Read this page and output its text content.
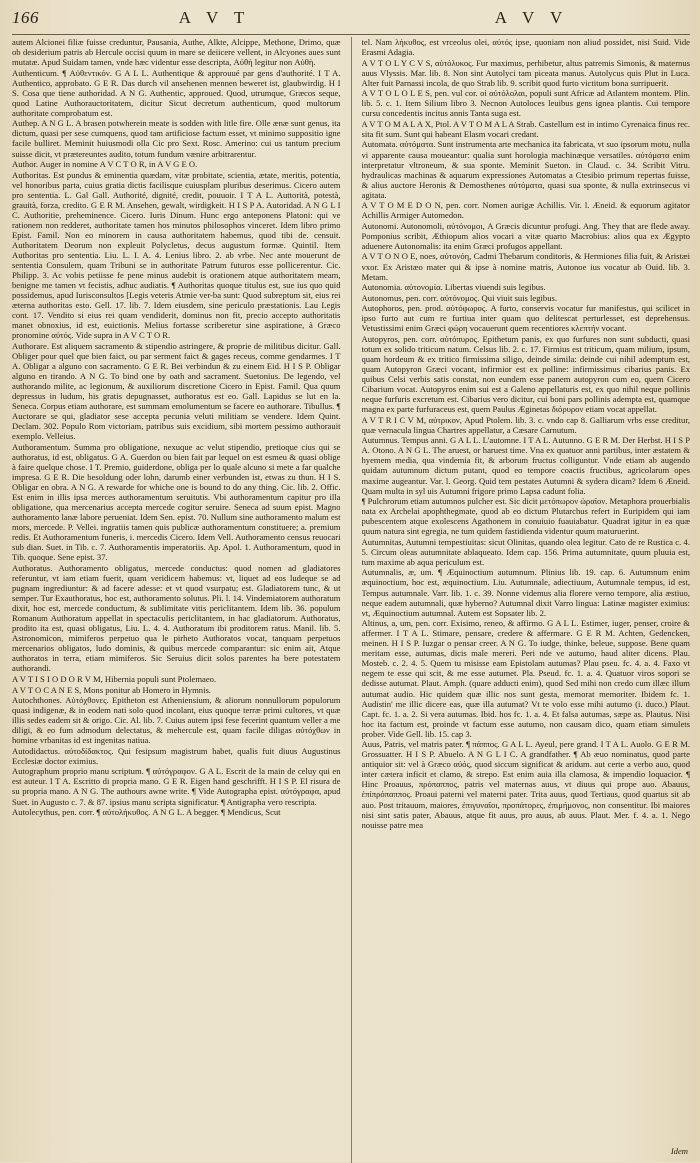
166	A V T	A V V

autem Alcionei filiæ fuisse creduntur, Pausania, Authe, Alkte, Alcippe, Methone, Drimo, quæ ob desiderium patris ab Hercule occisi quum in mare se deiicere vellent, in Alcyones aues sunt mutatæ. Apud Suidam tamen, vnde hæc videntur esse descripta, Αὐθὴ legitur non Αὐθὴ.

Authenticum. ¶ Αὐθεντικόν. G A L L. Authentique & approuué par gens d'authorité. I T A. Authentico, approbato. G E R. Das durch vil ansehenen mennen beweret ist, glaubwirdig. H I S. Cosa que tiene authoridad. A N G. Authentic, approued. Quod, utrumque, Græcos seque, quod Latine Authorauctoritatem, dicitur Sicut decretum authenticum, quod multorum authoritate comprobatum est.

Authep. A N G L. A brasen potwherein meate is sodden with litle fire. Olle ænæ sunt genus, ita dictum, quasi per sese cumquens, quod tam artificiose factum esset, vt minimo suppositio igne facile bulliret. Meminit huiusmodi olla Cic pro Sext. Rosc. Amerino: cui us tantum precium suisse dicit, vt prætereuntes audito, totum fundum vænire arbitrarentur.

Author. Auger in nomine A V C T O R, in A V G E O.

Authoritas. Est pundus & eminentia quædam, vitæ probitate, scientia, ætate, meritis, potentia, vel honoribus parta, cuius gratia dictis facilisque cuiusplam pluribus deserimus. Cicero autem pro sententia. L. Gal Gall. Authorité, dignité, credit, pouuoir. I T A L. Auttorità, potestà, grauità, forza, credito. G E R M. Ansehen, gewalt, wirdigkeit. H I S P A. Autoridad. A N G L I C. Authoritie, preheminence. Cicero. Iuris Dinum. Hunc ergo anteponens Platoni: qui ve rationem non redderet, authoritate tamen hos minutos philosophos vinceret. Idem libro primo Epist. Famil. Non eo minorem in causa authoritatem habemus, quod tibi de. censuit. Authoritatem Deorum non expleuit Polycletus, decus augustum formæ. Quintil. Item Authoritas pro sententia. Liu. L. I. A. 4. Lenius libro. 2. ab vrbe. Nec ante mouerunt de sententia Consulem, quam Tribuni se in authoritate Patrum futuros esse pollicerentur. Cic. Philipp. 3. Ac vobis petiisse fe pene minus audebit is orationem atque authoritatem meam, benigne me tamen vt fecistis, adhuc audiatis. ¶ Authoritas quoque titulus est, sue ius quo quid possidemus, apud Iurisconsultos [Legis veteris Atmie ver-ba sunt: Quod subreptum sit, eius rei æterna authoritas esto. Gell. 17. lib. 7. Idem eiusdem, sine periculo præstationis. Lau Legis cont. 17. Vendito si eius rei quam vendiderit, dominus non fit, precio accepto authoritatis manet obnoxius, id est, euictionis. Melius fortasse scriberetur sine aspiratione, à Græco pronomine αὐτός. Vide supra in A V C T O R.

Authorare. Est aliquem sacramento & stipendio astringere, & proprie de militibus dicitur. Gall. Obliger pour quel que bien faict, ou par serment faict & gages receus, comme gendarmes. I T A. Obligar a alguno con sacramento. G E R. Bei verbindun & zu einem Eid. H I S P. Obligar alguno en tirando. A N G. To bind one by oath and sacrament. Suetonius. De legendo, vel authorando milite, ac legionum, & auxiliorum discretione Cicero in Epist. Famil. Qua quum depressus in ludum, his gratis depugnasset, authoratus est eo. Gall. Lapidus se lut en la. Seneca. Corpus etiam authorare, est summam emolumentum se facere eo authorare. Tibullus. ¶ Auctorare se qui, gladiator sese accepta pecunia veluti militiam se vendere. Idem Quint. Declam. 302. Populo Rom victoriam, patribus suis excidium, sibi mortem pessimo authorauit exemplo. Velleius.

Authoramentum. Summa pro obligatione, nexuque ac velut stipendio, pretioque cius qui se authoratus, id est, obligatus. G A. Guerdon ou bien fait par lequel on est esmeu & quasi oblige à faire quelque chose. I T. Premio, guiderdone, obliga per lo quale alcuno si mete a far qualche impresa. G E R. Die besoldung oder lohn, darumb einer verbunden ist, etwas zu thun. H I S. Obligar en obra. A N G. A rewarde for whiche one is bound to do any thing. Cic. lib. 2. Offic. Est enim in illis ipsa merces authoramentum seruitutis. Vbi authoramentum capitur pro illa obligatione, qua mercenarius accepta mercede cogitur seruire. Seneca ad suum epist. Magno authoramento lanæ labore perueniat. Idem Sen. epist. 70. Nullum sine authoramento malum est mors, mercede. P. Vellei. ingratiis tamen quis publicæ authoramentum constituere; a. premium redis. Et Authoramentum funeris, i. mercedis Cicero. Idem Vell. Authoramento census reuocari sub dian. Suet. in Tib. c. 7. Authoramentis imperatoriis. Ap. Apol. 1. Authoramentum, quod in Tib. quoque. Sene epist. 37.

Authoratus. Authoramento obligatus, mercede conductus: quod nomen ad gladiatores referuntur, vt iam etiam fuerit, quam veridicem habemus: vt, liquet ad eos ludeque se ad pugnam ingrediuntur: & ad facere adesse: et vt quod vsurpatu; est. Gladiatorem tunc, & ut semper. Tur Exauthoratus, hoc est, authoramento solutus. Pli. l. 14. Vindemiatorem authoratum dixit, hoc est, mercede conductum, & sublimitate vitis periclitantem. Idem lib. 36. populum Romanum Authoratum appellat in spectaculis periclitantem, in hac gladiatorum. Authoratus, prodito ita est, quasi obligatus, Liu. L. 4. 4. Authoratum ibi proditorem ratus. Manil. lib. 5. Astronomicon, mimiferos perpetuo qua le pirheto Authoratos vocat, tanquam perpetuos mercenarios obligatos, ludo dominis, & quibus mercede comparantur: sic enim ait, Atque authoratos in terra, etiam mimiferos. Sic Seruius dicit solos parentes ha bere potestatem authorandi.

A V T I S I O D O R V M, Hibernia populi sunt Ptolemaeo.

A V T O C A N E S, Mons ponitur ab Homero in Hymnis.

Autochthones. Αὐτόχθονες. Epitheton est Atheniensium, & aliorum nonnullorum populorum quasi indigenæ, & in eodem nati solo quod incolant, eius quoque terræ primi cultores, vt quæ illis sedes eadem sit & origo. Cic. Al. lib. 7. Cuius autem ipsi fese fecerint quantum veller a me diligi, & eo fum admodum delectatus, & mehercule est, quam facile diligas αὐτόχθων in homine vrbanitas id est ingenitas natiua.

Autodidactus. αὐτοδίδακτος. Qui fesipsum magistrum habet, qualis fuit diuus Augustinus Ecclesiæ doctor eximius.

Autographum proprio manu scriptum. ¶ αὐτόγραφον. G A L. Escrit de la main de celuy qui en est auteur. I T A. Escritto di propria mano. G E R. Eigen hand geschrifft. H I S P. El risura de su propria mano. A N G. The authours awne write. ¶ Vide Autographa epist. αὐτόγραφα, apud Suet. in Augusto c. 7. & 87. ipsius manu scripta significatur. ¶ Antigrapha vero rescripta.

Autolecythus, pen. corr. ¶ αὐτολήκυθος. A N G L. A begger. ¶ Mendicus, Scut

tel. Nam λήκυθος, est vrceolus olei, αὐτός ipse, quoniam non aliud possidet, nisi Suid. Vide Erasmi Adagia.

A V T O L Y C V S, αὐτόλυκος. Fur maximus, perhibetur, altus patremis Simonis, & maternus auus Vlyssis. Mar. lib. 8. Non sint Autolyci tam piceata manus. Autolycus quis Plut in Luca. Alter fuit Parnassi incola, de quo Strab lib. 9. scribit quod furto victitum bona surripuerit.

A V T O L O L E S, pen. vul cor. οἱ αὐτόλολαι, populi sunt Africæ ad Atlantem montem. Plin. lib. 5. c. 1. Item Silium libro 3. Necnon Autoloces leuibus gens ignea plantis. Cui tempore cursu concedentis incitus annis Tanta suga est.

A V T O M A L A X, Ptol. A V T O M A L A Strab. Castellum est in intimo Cyrenaica finus rec. sita fit sum. Sunt qui habeant Elasm vocari credant.

Automata. αὐτόματα. Sunt instrumenta arte mechanica ita fabricata, vt suo ipsorum motu, nulla vi apparente causa moueantur: qualia sunt horologia machinæque versatiles. αὐτόματα enim interpretatur vltroneum, & sua sponte. Meminit Sueton. in Claud. c. 34. Scribit Vitru. hydraulicas machinas & aquarum expressiones Automatas a Ctesibio primum repertas fuisse, & alius auctore Heronis & Demosthenes αὐτόματα, quasi sua sponte, & nulla extrinsecus vi agitata.

A V T O M E D O N, pen. corr. Nomen aurigæ Achillis. Vir. l. Æneid. & equorum agitator Achillis Armiger Automedon.

Autonomi. Autonomoli, αὐτόνομοι, A Græcis dicuntur profugi. Ang. They that are flede away. Pomponius scribit, Æthiopum alios vocari a vitæ quarto Macrobius: alios qua ex Ægypto aduenere Autonomalis: ita enim Græci profugos appellant.

A V T O N O E, noes, αὐτονόη, Cadmi Thebarum conditoris, & Hermiones filia fuit, & Aristæi vxor. Ex Aristæo mater qui & ipse à nomine matris, Autonoe ius vocatur ab Ouid. lib. 3. Metam.

Autonomia. αὐτονομία. Libertas viuendi suis legibus.

Autonomus, pen. corr. αὐτόνομος. Qui viuit suis legibus.

Autophoros, pen. prod. αὐτόφωρος. A furto, conservis vocatur fur manifestus, qui scilicet in ipso furto aut cum re furtiua inter quam quo delitescat perturlesset, est deprehensus. Vetustissimi enim Græci φώρη vocauerunt quem recentiores κλεπτήν vocant.

Autopyros, pen. corr. αὐτόπυρος. Epithetum panis, ex quo furfures non sunt subducti, quasi totum ex solido triticum natum. Celsus lib. 2. c. 17. Firmius est triticum, quam milium, ipsum, quam hordeum & ex tritico firmissima siligo, deinde simila: deinde cui nihil ademptum est, quam Autopyron Græci vocant, infirmior est ex polline: infirmissimus cibarius panis. Ex quibus Celsi verbis satis constat, non eundem esse panem autopyron cum eo, quem Cicero Cibarium vocat. Autopyros enim sui est a Galeno appellaturis est, ex quo nihil neque pollinis neque furfuris excretum est. Cibarius vero dicitur, cui boni pars pollinis adempta est, quamque magna ex parte furfuraceus est, quem Paulus Æginetas διόρυρον etiam vocat appellat.

A V T R I C V M, αὐτρικον, Apud Ptolem. lib. 3. c. vndo cap 8. Galliarum vrbs esse creditur, quæ vernacula lingua Chartres appellatur, a Cæsare Carnutum.

Autumnus. Tempus anni. G A L L. L'automne. I T A L. Autunno. G E R M. Der Herbst. H I S P A. Otono. A N G L. The aruest, or haruest time. Vna ex quatuor anni partibus, inter æstatem & hyemem media, qua vindemia fit, & arborum fructus colliguntur. Vnde etiam ab augendo quidam autumnum dictum putant, quod eo tempore coactis fructibus, agricolarum opes maxime augeantur. Var. l. Georg. Quid tem pestates Autumni & sydera dicam? Idem 6 Æneid. Quam multa in syl uis Autumni frigore primo Lapsa cadunt folia.

¶ Pulchrorum etiam autumnos pulcher est. Sic dicit μετόπωρον ὡραῖον. Metaphora prouerbialis nata ex Archelai apophthegmate, quod ab eo dictum Plutarchus refert in Euripidem qui iam pubescentem atque exolescens Agathonem in conuiuio fuauiabatur. Quadrat igitur in ea quæ quum natura sint egregia, ne tum quidem fastidienda videntur quum maturuerint.

Autumnitas, Autumni tempestiuitas: sicut Olinitas, quando olea legitur. Cato de re Rustica c. 4. 5. Circum oleas autumnitate ablaqueato. Idem cap. 156. Prima autumnitate, quum pluuia est, tum maxime ab aqua periculum est.

Autumnalis, æ, um. ¶ Æquinoctium autumnum. Plinius lib. 19. cap. 6. Autumnum enim æquinoctium, hoc est, æquinoctium. Liu. Autumnale, adiectiuum, Autumnale tempus, id est, Tempus autumnale. Varr. lib. 1. c. 39. Nonne videmus alia florere verno tempore, alia æstiuo, neque eadem autumnali, quæ hyberno? Autumnal dixit Varro lingua: Latinæ magister eximius: vt, Æquinoctium autumnal. Autem est Sopsater lib. 2.

Altinus, a, um, pen. corr. Exisimo, reneo, & affirmo. G A L L. Estimer, iuger, penser, croire & affermer. I T A L. Stimare, pensare, credere & affermare. G E R M. Achten, Gedencken, meinen. H I S P. Iuzgar o pensar creer. A N G. To iudge, thinke, beleue, suppose. Bene quam meritam esse, autumas, dicis male mereri. Peri nde ve autumo, haud aliter dicens. Plau. Mosteb. c. 2. 4. 5. Quem tu misisse eam Epistolam autumas? Plau pseu. fc. 4. a. 4. Faxo vt negem te esse qui scit, & me esse autumet. Pla. Pseud. fc. 1. a. 4. Quatuor viros sopori se dedisse autumat. Plaut. Amph. (quare adducti enim), quod Sed mihi non credo cum illæc illum autumat audio. Hic quidem quæ illic nos sunt gesta, memorat memoriter. Ibidem fc. 1. Audistin' me illic dicere eas, quæ illa autumat? Vt te volo esse mihi autumo (i. duco.) Plaut. Capt. fc. 1. a. 2. Si vera autumas. Ibid. hos fc. 1. a. 4. Et falsa autumas, sæpe as. Plautus. Nisi hoc ita factum est, proinde vt factum esse autumo, non causam dico, quam etiam simulets prober. Vide Gell. lib. 15. cap 3.

Auus, Patris, vel matris pater. ¶ πάππος. G A L L. Ayeul, pere grand. I T A L. Auolo. G E R M. Grossuatter. H I S P. Abuelo. A N G L I C. A grandfather. ¶ Ab æuo nominatus, quod parte antiquior sit: vel à Græco αὐός, quod siccum significat & aridum. aut certe a verbo auo, quod inter cætera inficit et clamo, & strepo. Est enim auia illa clamosa, & impendio loquacior. ¶ Hinc Proauus, πρόπαππος, patris vel maternas auus, vt diuus qui prope auo. Abauus, ἐπίπρόπαππος. Proaui paterni vel materni pater. Trita auus, quod Tertiaus, quod quartus sit ab auo. Post tritauum, maiores, ἐπιγυναῖοι, προπάτορες, ἐπιμήμονος, non consentitur. Ibi maiores nisi sint satis pater, Abauus, atque fit auus, pro auus, ab auus. Plaut. Mer. f. 4. a. 1. Nego nouisse patre mea

Idem
